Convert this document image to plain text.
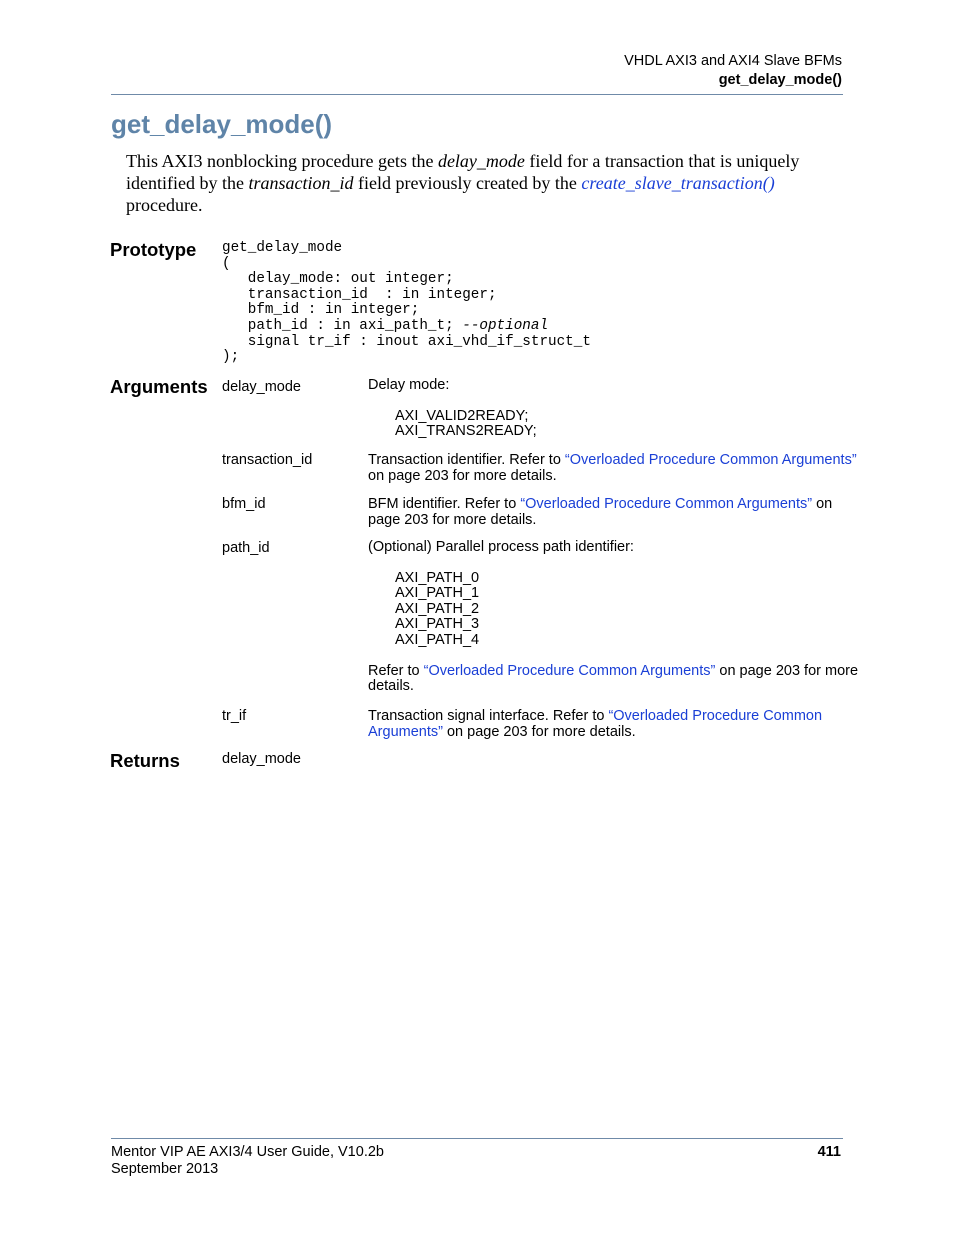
VHDL AXI3 and AXI4 Slave BFMs
get_delay_mode()
get_delay_mode()
This AXI3 nonblocking procedure gets the delay_mode field for a transaction that is uniquely identified by the transaction_id field previously created by the create_slave_transaction() procedure.
Prototype get_delay_mode
(
delay_mode: out integer;
transaction_id  : in integer;
bfm_id : in integer;
path_id : in axi_path_t; --optional
signal tr_if : inout axi_vhd_if_struct_t
);
Arguments delay_mode	Delay mode:

AXI_VALID2READY;

AXI_TRANS2READY;

transaction_id	Transaction identifier. Refer to “Overloaded Procedure Common Arguments” on page 203 for more details.
bfm_id	BFM identifier. Refer to “Overloaded Procedure Common Arguments” on page 203 for more details.
path_id	(Optional) Parallel process path identifier:

AXI_PATH_0

AXI_PATH_1

AXI_PATH_2

AXI_PATH_3

AXI_PATH_4

Refer to “Overloaded Procedure Common Arguments” on page 203 for more details.

tr_if	Transaction signal interface. Refer to “Overloaded Procedure Common Arguments” on page 203 for more details.
Returns	delay_mode
Mentor VIP AE AXI3/4 User Guide, V10.2b
September 2013
411
